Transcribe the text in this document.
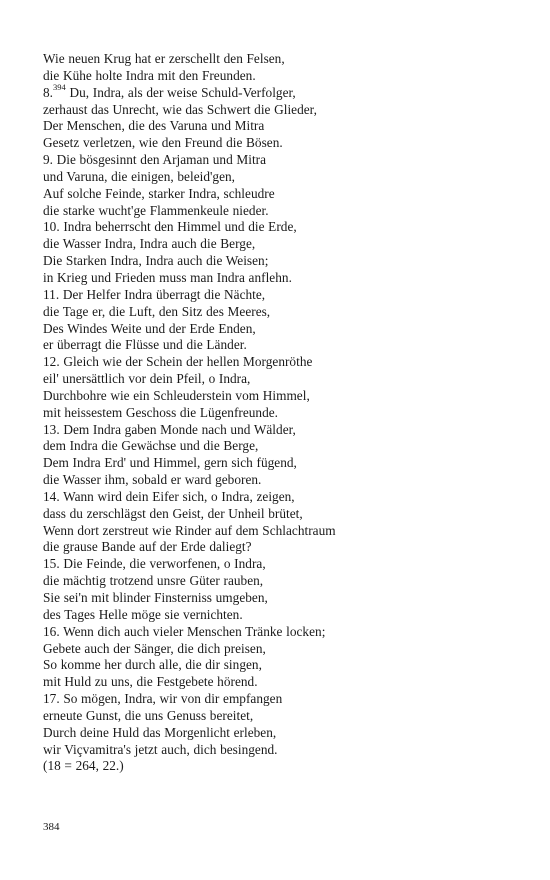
Wie neuen Krug hat er zerschellt den Felsen,
die Kühe holte Indra mit den Freunden.
8.$^{394}$ Du, Indra, als der weise Schuld-Verfolger,
zerhaust das Unrecht, wie das Schwert die Glieder,
Der Menschen, die des Varuna und Mitra
Gesetz verletzen, wie den Freund die Bösen.
9. Die bösgesinnt den Arjaman und Mitra
und Varuna, die einigen, beleid'gen,
Auf solche Feinde, starker Indra, schleudre
die starke wucht'ge Flammenkeule nieder.
10. Indra beherrscht den Himmel und die Erde,
die Wasser Indra, Indra auch die Berge,
Die Starken Indra, Indra auch die Weisen;
in Krieg und Frieden muss man Indra anflehn.
11. Der Helfer Indra überragt die Nächte,
die Tage er, die Luft, den Sitz des Meeres,
Des Windes Weite und der Erde Enden,
er überragt die Flüsse und die Länder.
12. Gleich wie der Schein der hellen Morgenröthe
eil' unersättlich vor dein Pfeil, o Indra,
Durchbohre wie ein Schleuderstein vom Himmel,
mit heissestem Geschoss die Lügenfreunde.
13. Dem Indra gaben Monde nach und Wälder,
dem Indra die Gewächse und die Berge,
Dem Indra Erd' und Himmel, gern sich fügend,
die Wasser ihm, sobald er ward geboren.
14. Wann wird dein Eifer sich, o Indra, zeigen,
dass du zerschlägst den Geist, der Unheil brütet,
Wenn dort zerstreut wie Rinder auf dem Schlachtraum
die grause Bande auf der Erde daliegt?
15. Die Feinde, die verworfenen, o Indra,
die mächtig trotzend unsre Güter rauben,
Sie sei'n mit blinder Finsterniss umgeben,
des Tages Helle möge sie vernichten.
16. Wenn dich auch vieler Menschen Tränke locken;
Gebete auch der Sänger, die dich preisen,
So komme her durch alle, die dir singen,
mit Huld zu uns, die Festgebete hörend.
17. So mögen, Indra, wir von dir empfangen
erneute Gunst, die uns Genuss bereitet,
Durch deine Huld das Morgenlicht erleben,
wir Viçvamitra's jetzt auch, dich besingend.
(18 = 264, 22.)
384
